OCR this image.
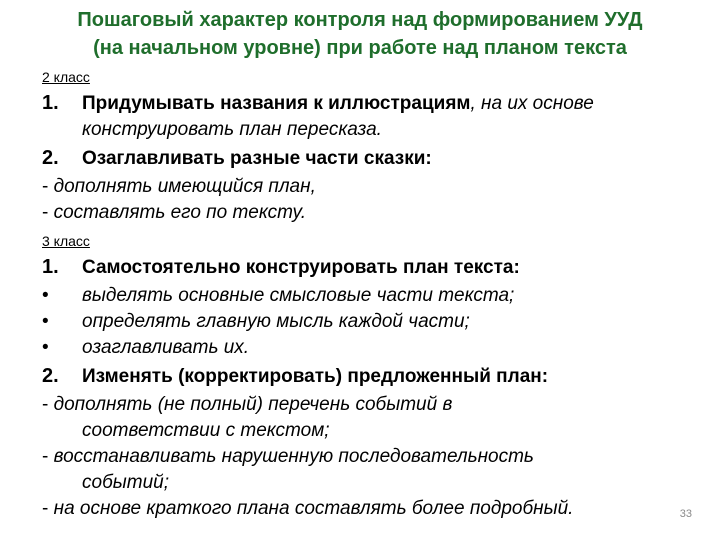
Пошаговый характер контроля над формированием УУД
(на начальном уровне) при работе над планом текста
2 класс
1. Придумывать названия к иллюстрациям, на их основе
конструировать план пересказа.
2. Озаглавливать разные части сказки:
- дополнять имеющийся план,
- составлять его по тексту.
3 класс
1. Самостоятельно конструировать план текста:
• выделять основные смысловые части текста;
• определять главную мысль каждой части;
• озаглавливать их.
2. Изменять (корректировать) предложенный план:
- дополнять (не полный) перечень событий в
соответствии с текстом;
- восстанавливать нарушенную последовательность
событий;
- на основе краткого плана составлять более подробный.	33
